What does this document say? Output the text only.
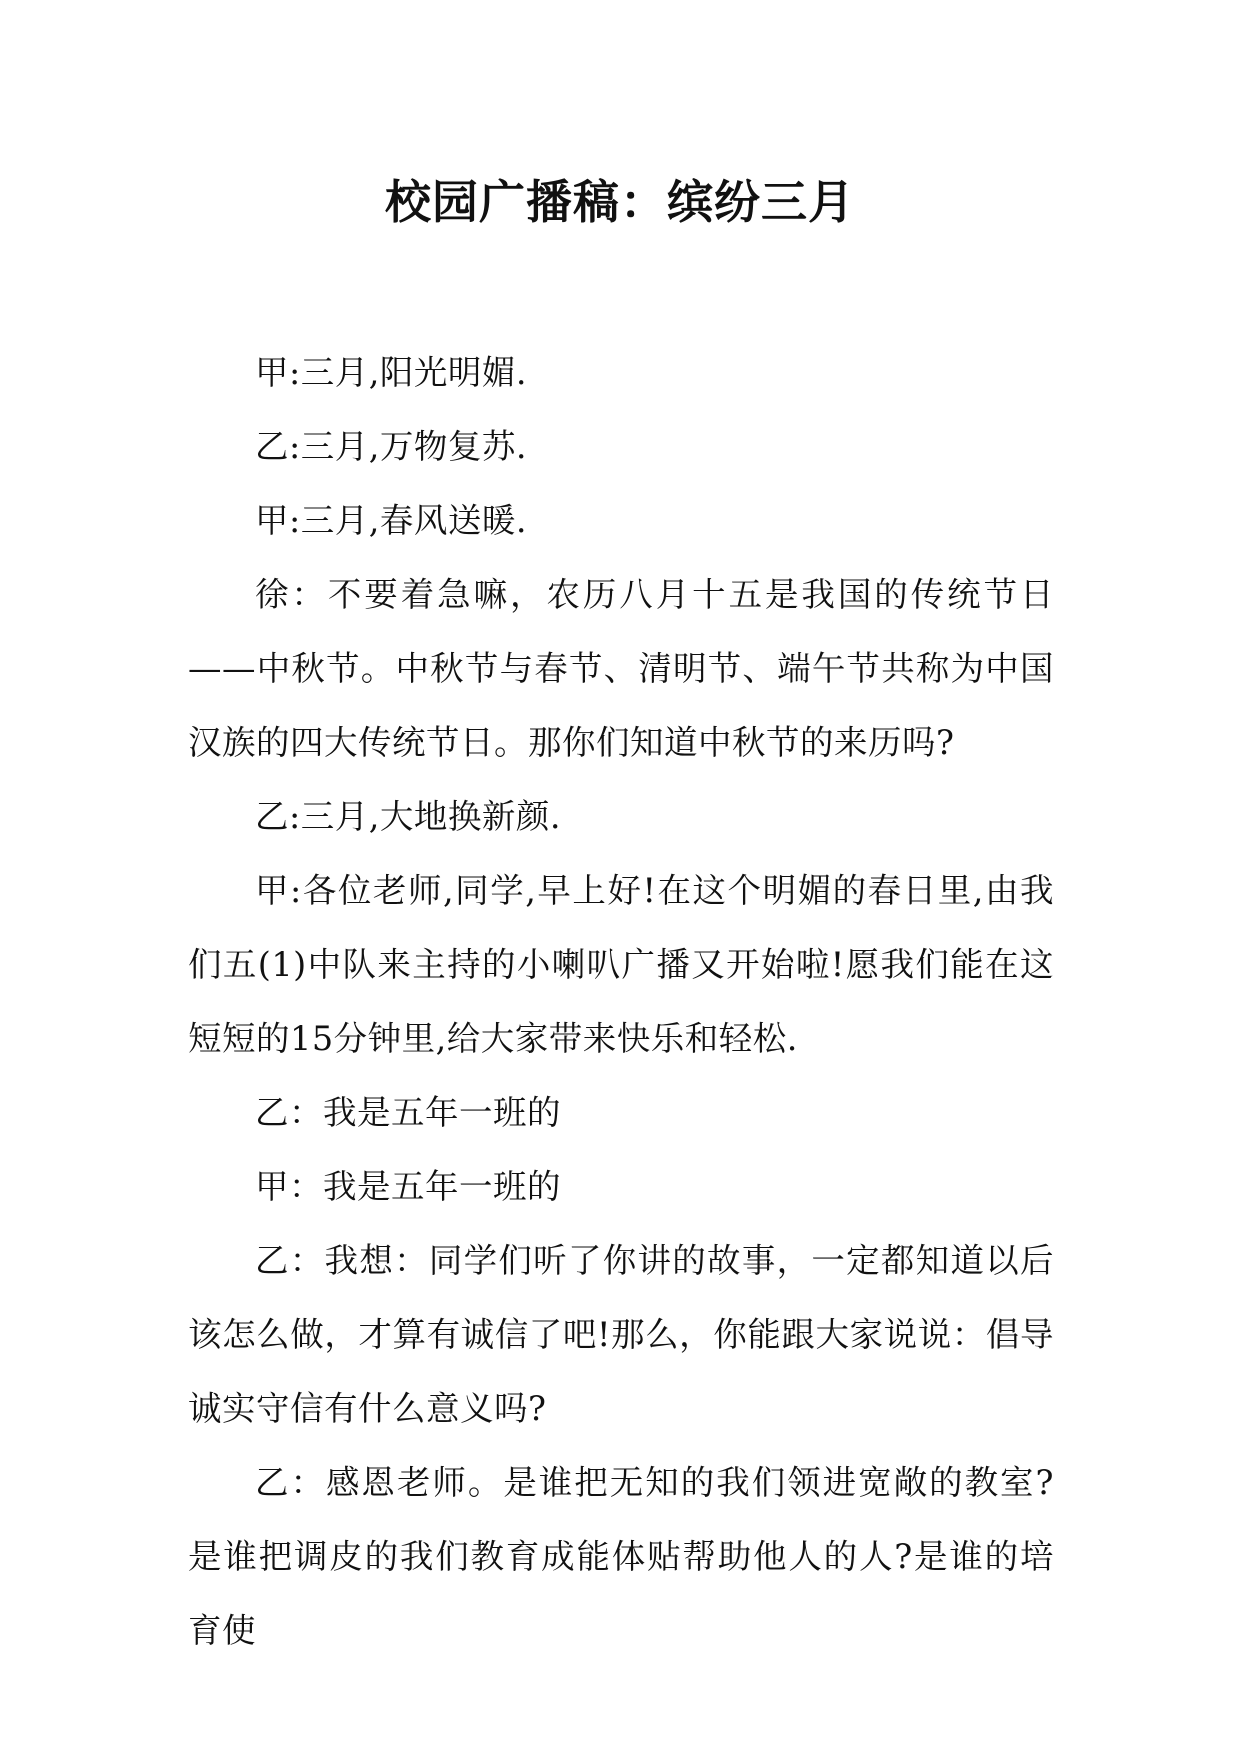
校园广播稿：缤纷三月

甲:三月,阳光明媚.

乙:三月,万物复苏.

甲:三月,春风送暖.

徐：不要着急嘛，农历八月十五是我国的传统节日——中秋节。中秋节与春节、清明节、端午节共称为中国汉族的四大传统节日。那你们知道中秋节的来历吗?

乙:三月,大地换新颜.

甲:各位老师,同学,早上好!在这个明媚的春日里,由我们五(1)中队来主持的小喇叭广播又开始啦!愿我们能在这短短的15分钟里,给大家带来快乐和轻松.

乙：我是五年一班的

甲：我是五年一班的

乙：我想：同学们听了你讲的故事，一定都知道以后该怎么做，才算有诚信了吧!那么，你能跟大家说说：倡导诚实守信有什么意义吗?

乙：感恩老师。是谁把无知的我们领进宽敞的教室?是谁把调皮的我们教育成能体贴帮助他人的人?是谁的培育使
